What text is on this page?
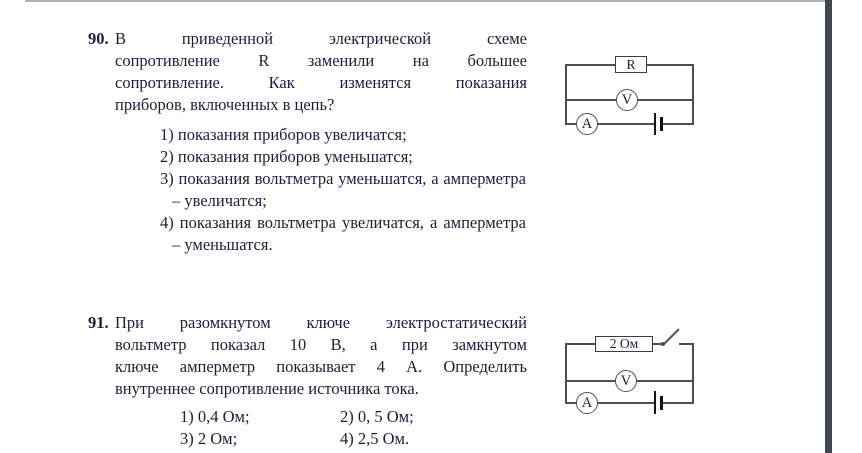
90. В приведенной электрической схеме
сопротивление R заменили на большее
сопротивление. Как изменятся показания
приборов, включенных в цепь?
1) показания приборов увеличатся;
2) показания приборов уменьшатся;
3) показания вольтметра уменьшатся, а амперметра – увеличатся;
4) показания вольтметра увеличатся, а амперметра – уменьшатся.
R
V
A
91. При разомкнутом ключе электростатический
вольтметр показал 10 В, а при замкнутом
ключе амперметр показывает 4 А. Определить
внутреннее сопротивление источника тока.
1) 0,4 Ом;	2) 0, 5 Ом;
3) 2 Ом;	4) 2,5 Ом.
2 Ом
V
A
